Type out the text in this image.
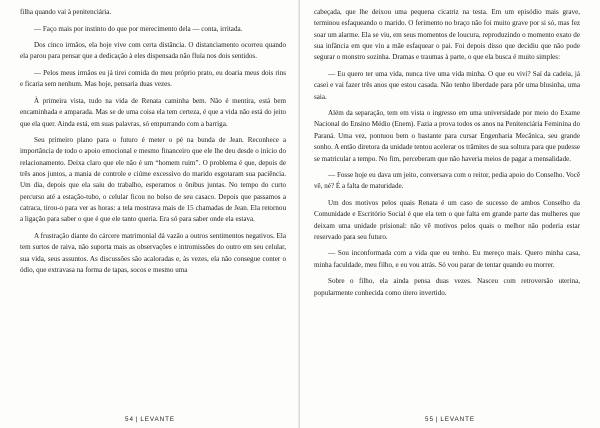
filha quando vai à penitenciária.

— Faço mais por instinto do que por merecimento dela — conta, irritada.

Dos cinco irmãos, ela hoje vive com certa distância. O distanciamento ocorreu quando ela parou para pensar que a dedicação à eles dispensada não fluía nos dois sentidos.

— Pelos meus irmãos eu já tirei comida do meu próprio prato, eu doaria meus dois rins e ficaria sem nenhum. Mas hoje, pensaria duas vezes.

À primeira vista, tudo na vida de Renata caminha bem. Não é mentira, está bem encaminhada e amparada. Mas se de uma coisa ela tem certeza, é que a vida não está do jeito que ela quer. Ainda está, em suas palavras, só empurrando com a barriga.

Seu primeiro plano para o futuro é meter o pé na bunda de Jean. Reconhece a importância de todo o apoio emocional e mesmo financeiro que ele lhe deu desde o início do relacionamento. Deixa claro que ele não é um “homem ruim”. O problema é que, depois de três anos juntos, a mania de controle e ciúme excessivo do marido esgotaram sua paciência. Um dia, depois que ela saiu do trabalho, esperamos o ônibus juntas. No tempo do curto percurso até a estação-tubo, o celular ficou no bolso de seu casaco. Depois que passamos a catraca, tirou-o para ver as horas: a tela mostrava mais de 15 chamadas de Jean. Ela retornou a ligação para saber o que é que ele tanto queria. Era só para saber onde ela estava.

A frustração diante do cárcere matrimonial dá vazão a outros sentimentos negativos. Ela tem surtos de raiva, não suporta mais as observações e intromissões do outro em seu celular, sua vida, seus assuntos. As discussões são acaloradas e, às vezes, ela não consegue conter o ódio, que extravasa na forma de tapas, socos e mesmo uma

54 | LEVANTE

cabeçada, que lhe deixou uma pequena cicatriz na testa. Em um episódio mais grave, terminou esfaqueando o marido. O ferimento no braço não foi muito grave por si só, mas fez soar um alarme. Ela se viu, em seus momentos de loucura, reproduzindo o momento exato de sua infância em que viu a mãe esfaquear o pai. Foi depois disso que decidiu que não pode segurar o monstro sozinha. Dramas e traumas à parte, o que ela busca é muito simples:

— Eu quero ter uma vida, nunca tive uma vida minha. O que eu vivi? Saí da cadeia, já casei e vai fazer três anos que estou casada. Não tenho liberdade para pôr uma blusinha, uma saia.

Além da separação, tem em vista o ingresso em uma universidade por meio do Exame Nacional do Ensino Médio (Enem). Fazia a prova todos os anos na Penitenciária Feminina do Paraná. Uma vez, pontuou bem o bastante para cursar Engenharia Mecânica, seu grande sonho. A então diretora da unidade tentou acelerar os trâmites de sua soltura para que pudesse se matricular a tempo. No fim, perceberam que não haveria meios de pagar a mensalidade.

— Fosse hoje eu dava um jeito, conversava com o reitor, pedia apoio do Conselho. Você vê, né? É a falta de maturidade.

Um dos motivos pelos quais Renata é um caso de sucesso de ambos Conselho da Comunidade e Escritório Social é que ela tem o que falta em grande parte das mulheres que deixam uma unidade prisional: não vê motivos pelos quais o melhor não poderia estar reservado para seu futuro.

— Sou inconformada com a vida que eu tenho. Eu mereço mais. Quero minha casa, minha faculdade, meu filho, e eu vou atrás. Só vou parar de tentar quando eu morrer.

Sobre o filho, ela ainda pensa duas vezes. Nasceu com retroversão uterina, popularmente conhecida como útero invertido.

55 | LEVANTE
